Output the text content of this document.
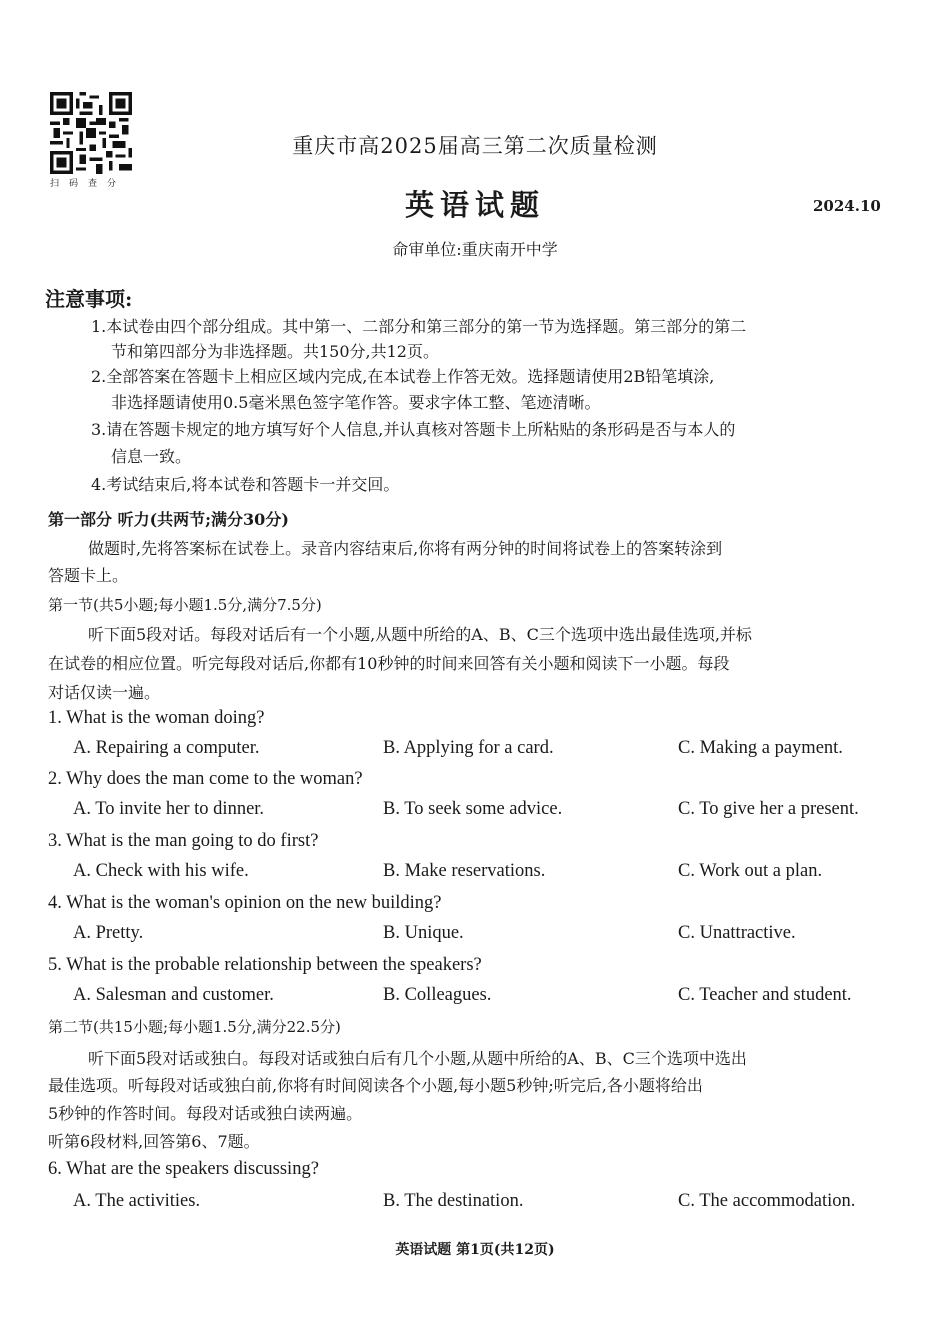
扫码查分
重庆市高2025届高三第二次质量检测
英语试题	2024.10
命审单位:重庆南开中学
注意事项:
1.本试卷由四个部分组成。其中第一、二部分和第三部分的第一节为选择题。第三部分的第二
节和第四部分为非选择题。共150分,共12页。
2.全部答案在答题卡上相应区域内完成,在本试卷上作答无效。选择题请使用2B铅笔填涂,
非选择题请使用0.5毫米黑色签字笔作答。要求字体工整、笔迹清晰。
3.请在答题卡规定的地方填写好个人信息,并认真核对答题卡上所粘贴的条形码是否与本人的
信息一致。
4.考试结束后,将本试卷和答题卡一并交回。
第一部分 听力(共两节;满分30分)
做题时,先将答案标在试卷上。录音内容结束后,你将有两分钟的时间将试卷上的答案转涂到
答题卡上。
第一节(共5小题;每小题1.5分,满分7.5分)
听下面5段对话。每段对话后有一个小题,从题中所给的A、B、C三个选项中选出最佳选项,并标
在试卷的相应位置。听完每段对话后,你都有10秒钟的时间来回答有关小题和阅读下一小题。每段
对话仅读一遍。
1. What is the woman doing?
A. Repairing a computer.	B. Applying for a card.	C. Making a payment.
2. Why does the man come to the woman?
A. To invite her to dinner.	B. To seek some advice.	C. To give her a present.
3. What is the man going to do first?
A. Check with his wife.	B. Make reservations.	C. Work out a plan.
4. What is the woman's opinion on the new building?
A. Pretty.	B. Unique.	C. Unattractive.
5. What is the probable relationship between the speakers?
A. Salesman and customer.	B. Colleagues.	C. Teacher and student.
第二节(共15小题;每小题1.5分,满分22.5分)
听下面5段对话或独白。每段对话或独白后有几个小题,从题中所给的A、B、C三个选项中选出
最佳选项。听每段对话或独白前,你将有时间阅读各个小题,每小题5秒钟;听完后,各小题将给出
5秒钟的作答时间。每段对话或独白读两遍。
听第6段材料,回答第6、7题。
6. What are the speakers discussing?
A. The activities.	B. The destination.	C. The accommodation.
英语试题 第1页(共12页)
